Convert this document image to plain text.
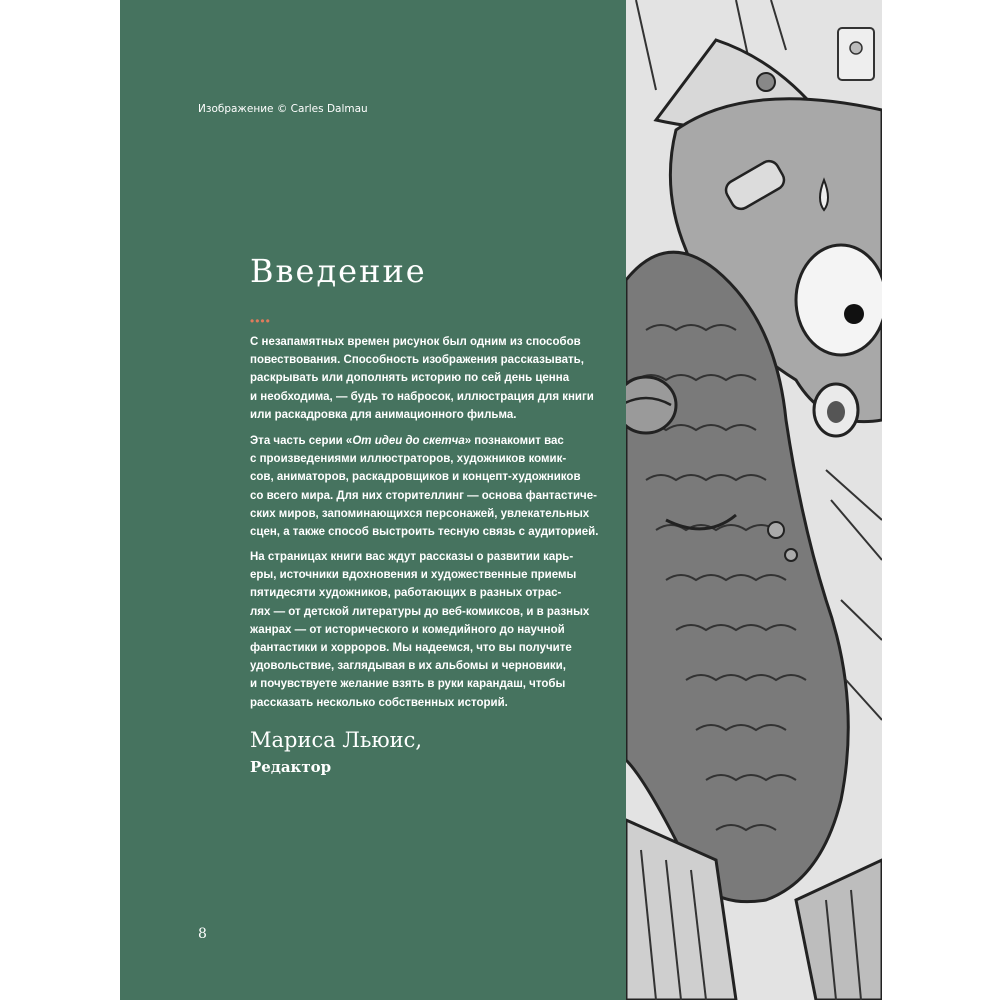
Изображение © Carles Dalmau
Введение
••••
С незапамятных времен рисунок был одним из способов
повествования. Способность изображения рассказывать,
раскрывать или дополнять историю по сей день ценна
и необходима, — будь то набросок, иллюстрация для книги
или раскадровка для анимационного фильма.
Эта часть серии «От идеи до скетча» познакомит вас
с произведениями иллюстраторов, художников комик-
сов, аниматоров, раскадровщиков и концепт-художников
со всего мира. Для них сторителлинг — основа фантастиче-
ских миров, запоминающихся персонажей, увлекательных
сцен, а также способ выстроить тесную связь с аудиторией.
На страницах книги вас ждут рассказы о развитии карь-
еры, источники вдохновения и художественные приемы
пятидесяти художников, работающих в разных отрас-
лях — от детской литературы до веб-комиксов, и в разных
жанрах — от исторического и комедийного до научной
фантастики и хорроров. Мы надеемся, что вы получите
удовольствие, заглядывая в их альбомы и черновики,
и почувствуете желание взять в руки карандаш, чтобы
рассказать несколько собственных историй.
Мариса Льюис,
Редактор
8
